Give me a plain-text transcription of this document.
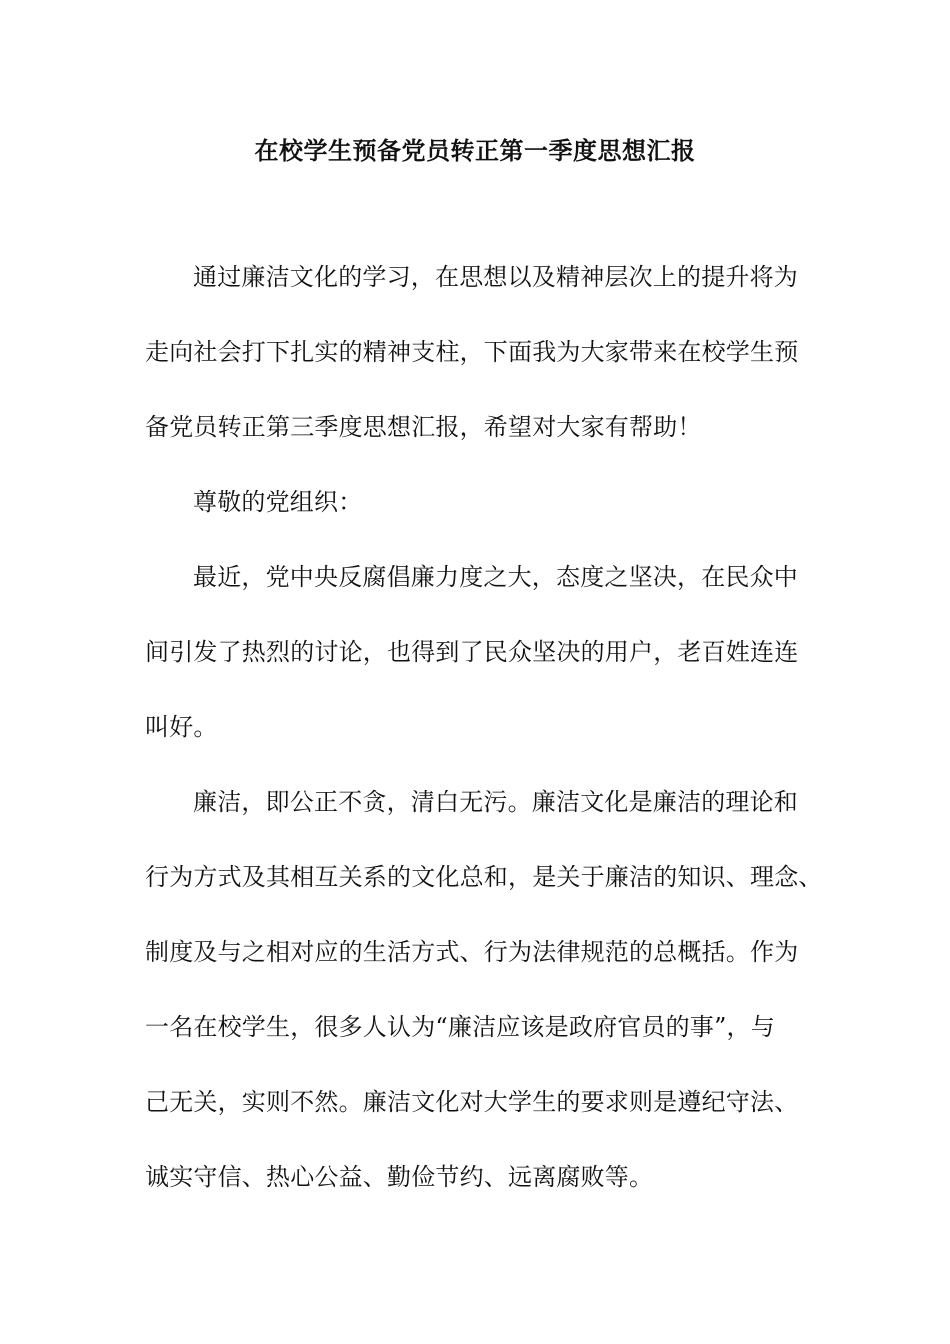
在校学生预备党员转正第一季度思想汇报
通过廉洁文化的学习，在思想以及精神层次上的提升将为
走向社会打下扎实的精神支柱，下面我为大家带来在校学生预
备党员转正第三季度思想汇报，希望对大家有帮助！
尊敬的党组织：
最近，党中央反腐倡廉力度之大，态度之坚决，在民众中
间引发了热烈的讨论，也得到了民众坚决的用户，老百姓连连
叫好。
廉洁，即公正不贪，清白无污。廉洁文化是廉洁的理论和
行为方式及其相互关系的文化总和，是关于廉洁的知识、理念、
制度及与之相对应的生活方式、行为法律规范的总概括。作为
一名在校学生，很多人认为“廉洁应该是政府官员的事”，与
己无关，实则不然。廉洁文化对大学生的要求则是遵纪守法、
诚实守信、热心公益、勤俭节约、远离腐败等。
